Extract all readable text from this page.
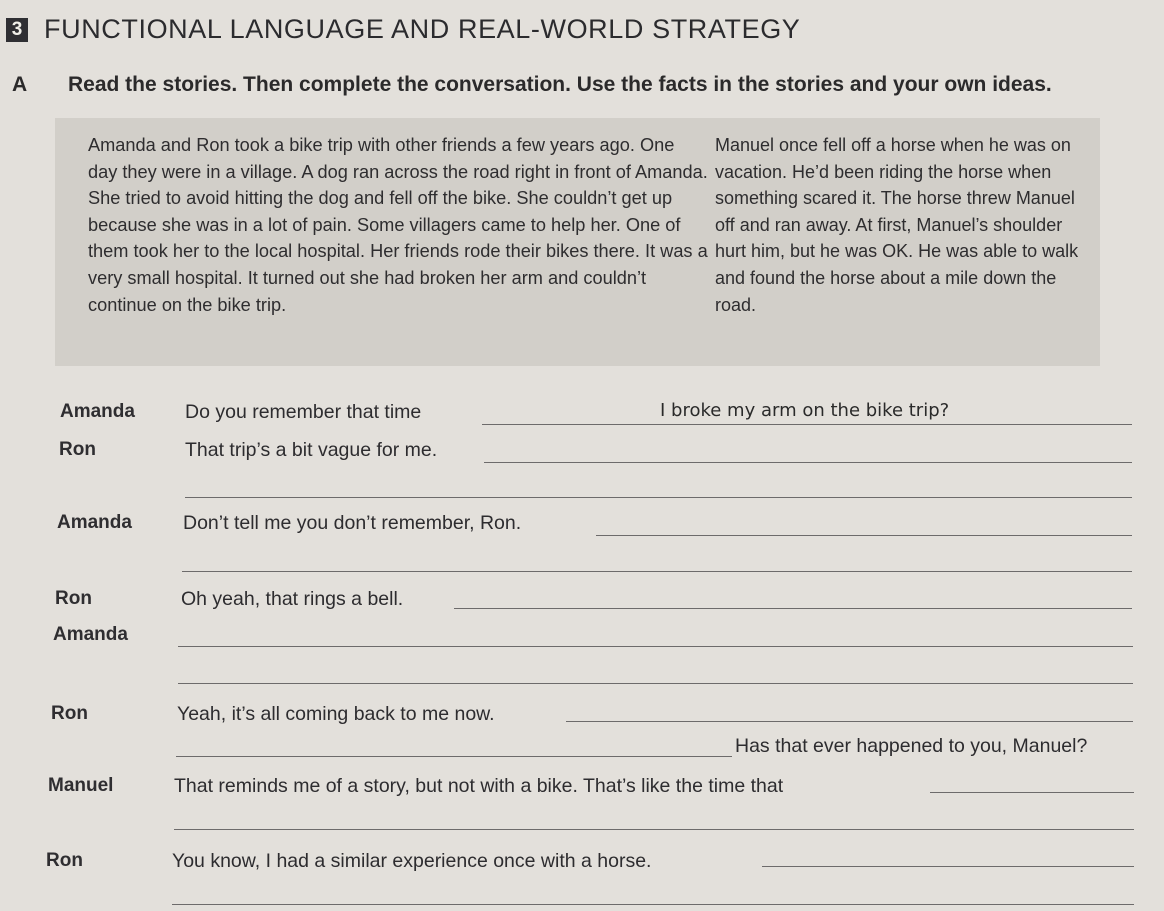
3 FUNCTIONAL LANGUAGE AND REAL-WORLD STRATEGY
A Read the stories. Then complete the conversation. Use the facts in the stories and your own ideas.
Amanda and Ron took a bike trip with other friends a few years ago. One day they were in a village. A dog ran across the road right in front of Amanda. She tried to avoid hitting the dog and fell off the bike. She couldn’t get up because she was in a lot of pain. Some villagers came to help her. One of them took her to the local hospital. Her friends rode their bikes there. It was a very small hospital. It turned out she had broken her arm and couldn’t continue on the bike trip.
Manuel once fell off a horse when he was on vacation. He’d been riding the horse when something scared it. The horse threw Manuel off and ran away. At first, Manuel’s shoulder hurt him, but he was OK. He was able to walk and found the horse about a mile down the road.
Amanda	Do you remember that time	I broke my arm on the bike trip?
Ron	That trip’s a bit vague for me.
Amanda	Don’t tell me you don’t remember, Ron.
Ron	Oh yeah, that rings a bell.
Amanda
Ron	Yeah, it’s all coming back to me now.
Has that ever happened to you, Manuel?
Manuel	That reminds me of a story, but not with a bike. That’s like the time that
Ron	You know, I had a similar experience once with a horse.
